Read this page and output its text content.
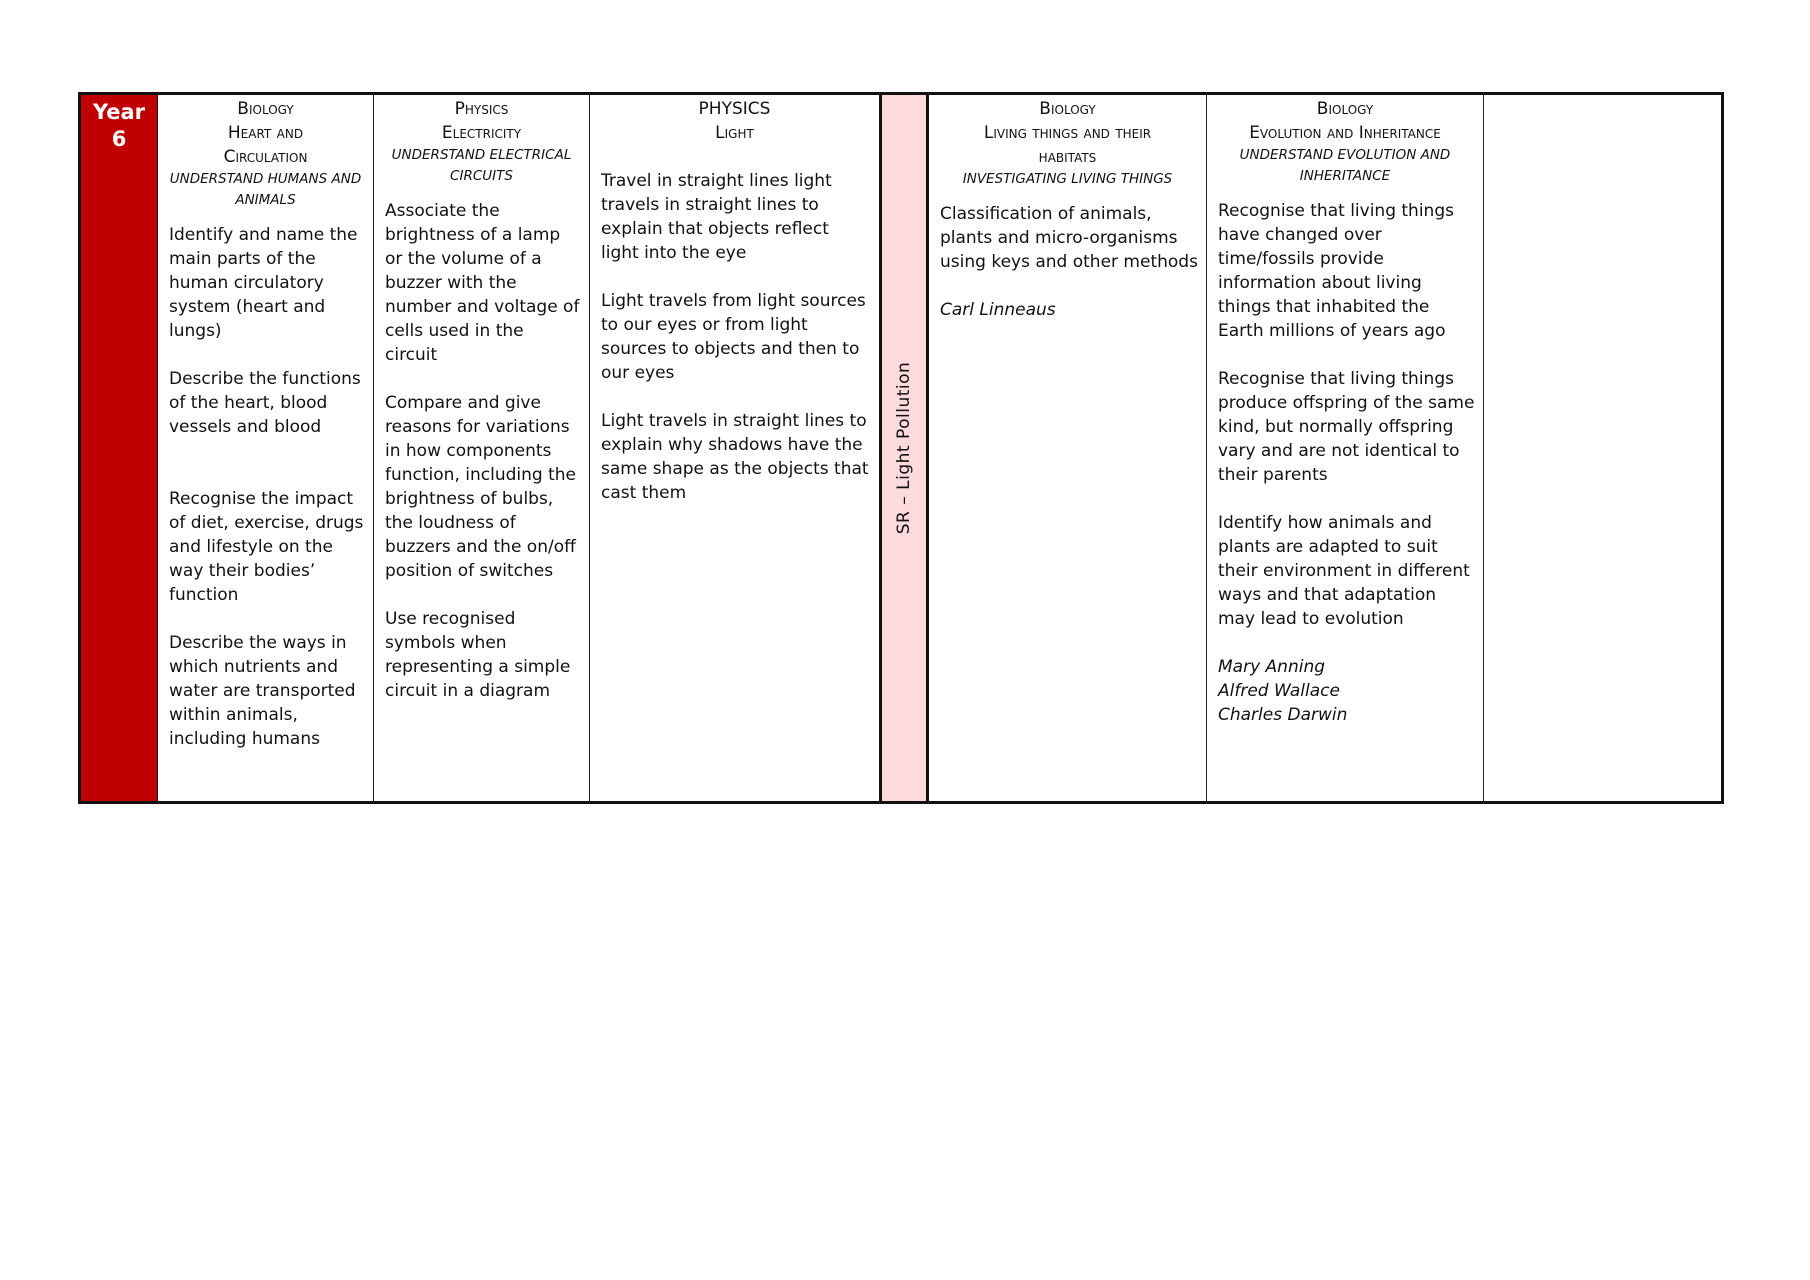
Year
6
Biology
Heart and
Circulation
UNDERSTAND HUMANS AND ANIMALS

Identify and name the main parts of the human circulatory system (heart and lungs)

Describe the functions of the heart, blood vessels and blood

Recognise the impact of diet, exercise, drugs and lifestyle on the way their bodies’ function

Describe the ways in which nutrients and water are transported within animals, including humans

Physics
Electricity
UNDERSTAND ELECTRICAL CIRCUITS

Associate the brightness of a lamp or the volume of a buzzer with the number and voltage of cells used in the circuit

Compare and give reasons for variations in how components function, including the brightness of bulbs, the loudness of buzzers and the on/off position of switches

Use recognised symbols when representing a simple circuit in a diagram

PHYSICS
Light

Travel in straight lines light travels in straight lines to explain that objects reflect light into the eye

Light travels from light sources to our eyes or from light sources to objects and then to our eyes

Light travels in straight lines to explain why shadows have the same shape as the objects that cast them	SR – Light Pollution
Biology
Living things and their
habitats
INVESTIGATING LIVING THINGS

Classification of animals, plants and micro-organisms using keys and other methods

Carl Linneaus

Biology
Evolution and Inheritance
UNDERSTAND EVOLUTION AND INHERITANCE

Recognise that living things have changed over time/fossils provide information about living things that inhabited the Earth millions of years ago

Recognise that living things produce offspring of the same kind, but normally offspring vary and are not identical to their parents

Identify how animals and plants are adapted to suit their environment in different ways and that adaptation may lead to evolution

Mary Anning

Alfred Wallace

Charles Darwin
